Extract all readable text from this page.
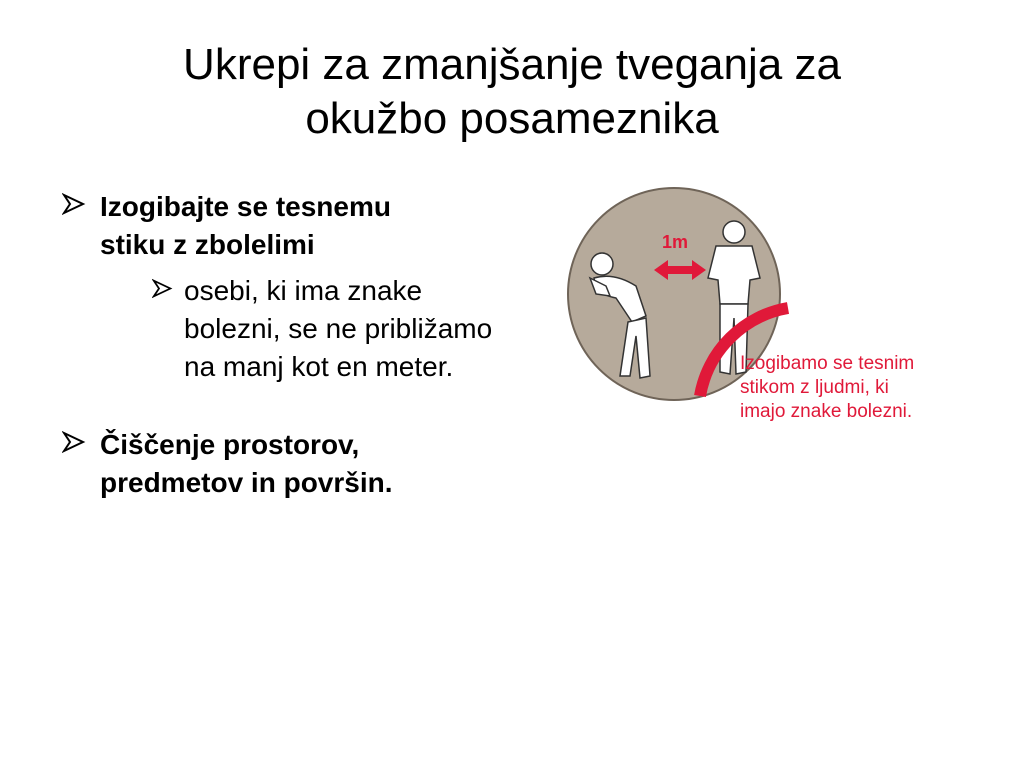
Ukrepi za zmanjšanje tveganja za
okužbo posameznika
Izogibajte se tesnemu
stiku z zbolelimi
osebi, ki ima znake
bolezni, se ne približamo
na manj kot en meter.
Čiščenje prostorov,
predmetov in površin.
1m
Izogibamo se tesnim
stikom z ljudmi, ki
imajo znake bolezni.
